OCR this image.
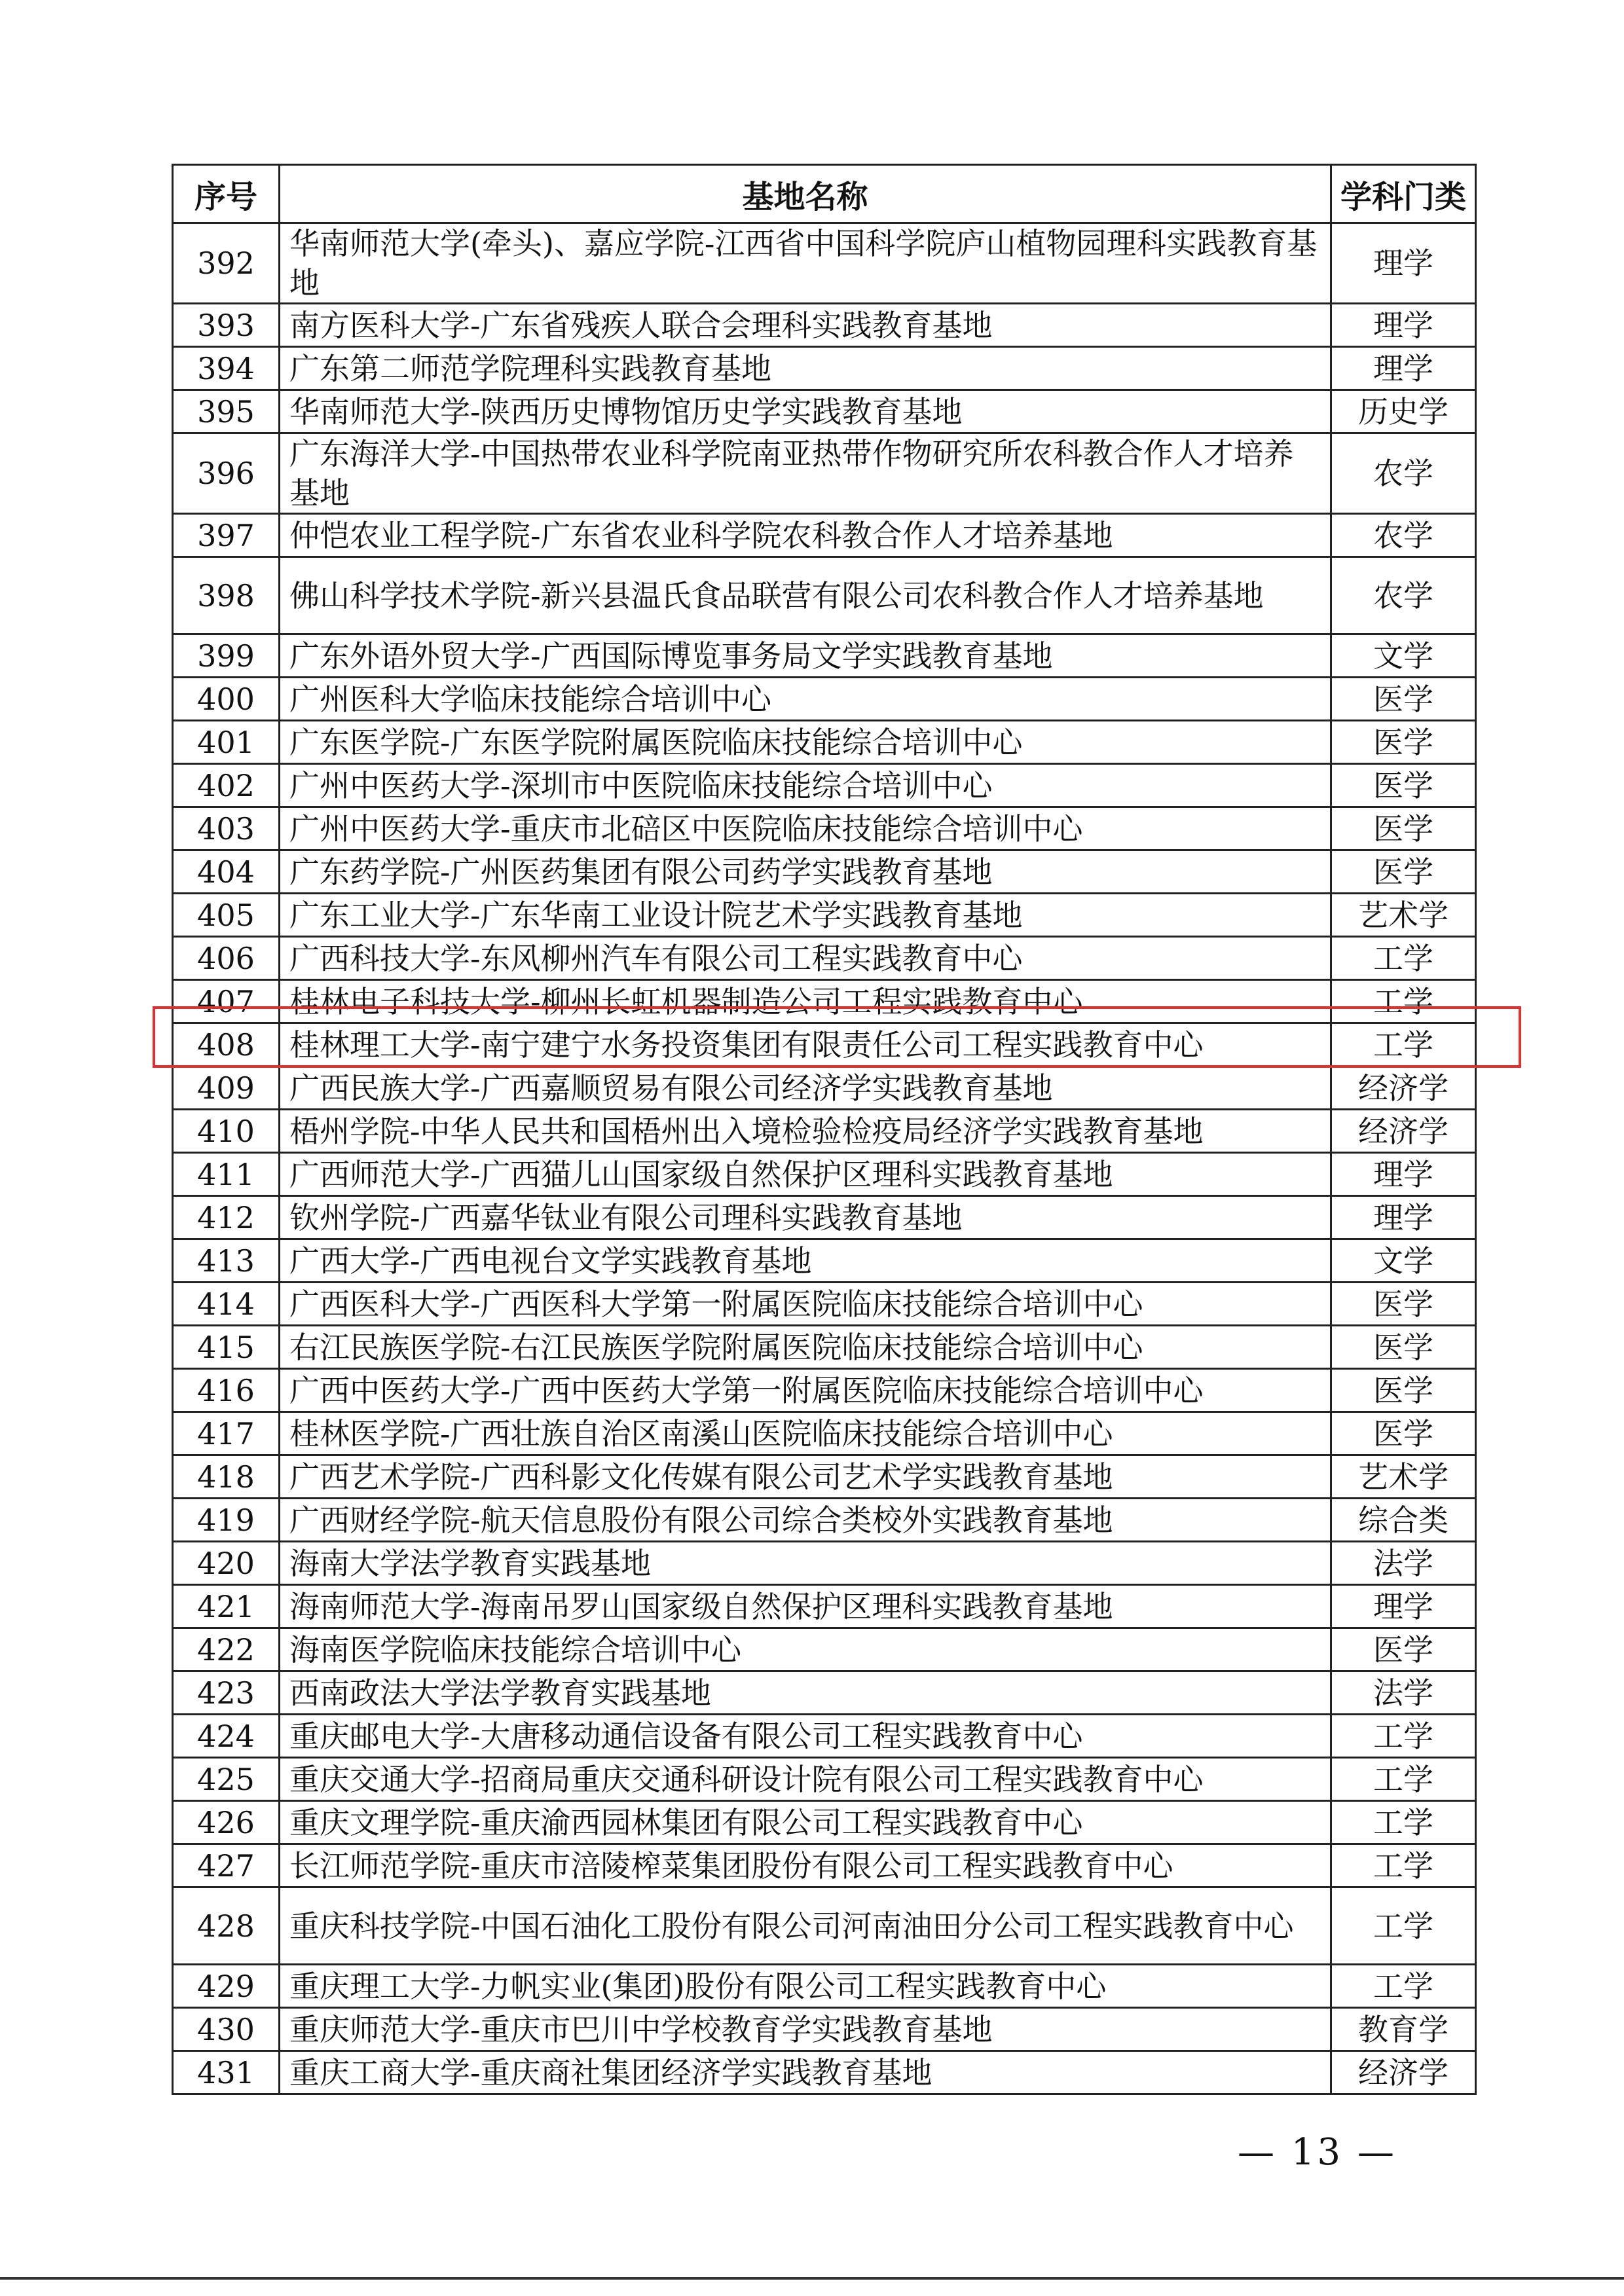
序号	基地名称	学科门类
392	华南师范大学(牵头)、嘉应学院-江西省中国科学院庐山植物园理科实践教育基地	理学
393	南方医科大学-广东省残疾人联合会理科实践教育基地	理学
394	广东第二师范学院理科实践教育基地	理学
395	华南师范大学-陕西历史博物馆历史学实践教育基地	历史学
396	广东海洋大学-中国热带农业科学院南亚热带作物研究所农科教合作人才培养基地	农学
397	仲恺农业工程学院-广东省农业科学院农科教合作人才培养基地	农学
398	佛山科学技术学院-新兴县温氏食品联营有限公司农科教合作人才培养基地	农学
399	广东外语外贸大学-广西国际博览事务局文学实践教育基地	文学
400	广州医科大学临床技能综合培训中心	医学
401	广东医学院-广东医学院附属医院临床技能综合培训中心	医学
402	广州中医药大学-深圳市中医院临床技能综合培训中心	医学
403	广州中医药大学-重庆市北碚区中医院临床技能综合培训中心	医学
404	广东药学院-广州医药集团有限公司药学实践教育基地	医学
405	广东工业大学-广东华南工业设计院艺术学实践教育基地	艺术学
406	广西科技大学-东风柳州汽车有限公司工程实践教育中心	工学
407	桂林电子科技大学-柳州长虹机器制造公司工程实践教育中心	工学
408	桂林理工大学-南宁建宁水务投资集团有限责任公司工程实践教育中心	工学
409	广西民族大学-广西嘉顺贸易有限公司经济学实践教育基地	经济学
410	梧州学院-中华人民共和国梧州出入境检验检疫局经济学实践教育基地	经济学
411	广西师范大学-广西猫儿山国家级自然保护区理科实践教育基地	理学
412	钦州学院-广西嘉华钛业有限公司理科实践教育基地	理学
413	广西大学-广西电视台文学实践教育基地	文学
414	广西医科大学-广西医科大学第一附属医院临床技能综合培训中心	医学
415	右江民族医学院-右江民族医学院附属医院临床技能综合培训中心	医学
416	广西中医药大学-广西中医药大学第一附属医院临床技能综合培训中心	医学
417	桂林医学院-广西壮族自治区南溪山医院临床技能综合培训中心	医学
418	广西艺术学院-广西科影文化传媒有限公司艺术学实践教育基地	艺术学
419	广西财经学院-航天信息股份有限公司综合类校外实践教育基地	综合类
420	海南大学法学教育实践基地	法学
421	海南师范大学-海南吊罗山国家级自然保护区理科实践教育基地	理学
422	海南医学院临床技能综合培训中心	医学
423	西南政法大学法学教育实践基地	法学
424	重庆邮电大学-大唐移动通信设备有限公司工程实践教育中心	工学
425	重庆交通大学-招商局重庆交通科研设计院有限公司工程实践教育中心	工学
426	重庆文理学院-重庆渝西园林集团有限公司工程实践教育中心	工学
427	长江师范学院-重庆市涪陵榨菜集团股份有限公司工程实践教育中心	工学
428	重庆科技学院-中国石油化工股份有限公司河南油田分公司工程实践教育中心	工学
429	重庆理工大学-力帆实业(集团)股份有限公司工程实践教育中心	工学
430	重庆师范大学-重庆市巴川中学校教育学实践教育基地	教育学
431	重庆工商大学-重庆商社集团经济学实践教育基地	经济学
— 13 —
